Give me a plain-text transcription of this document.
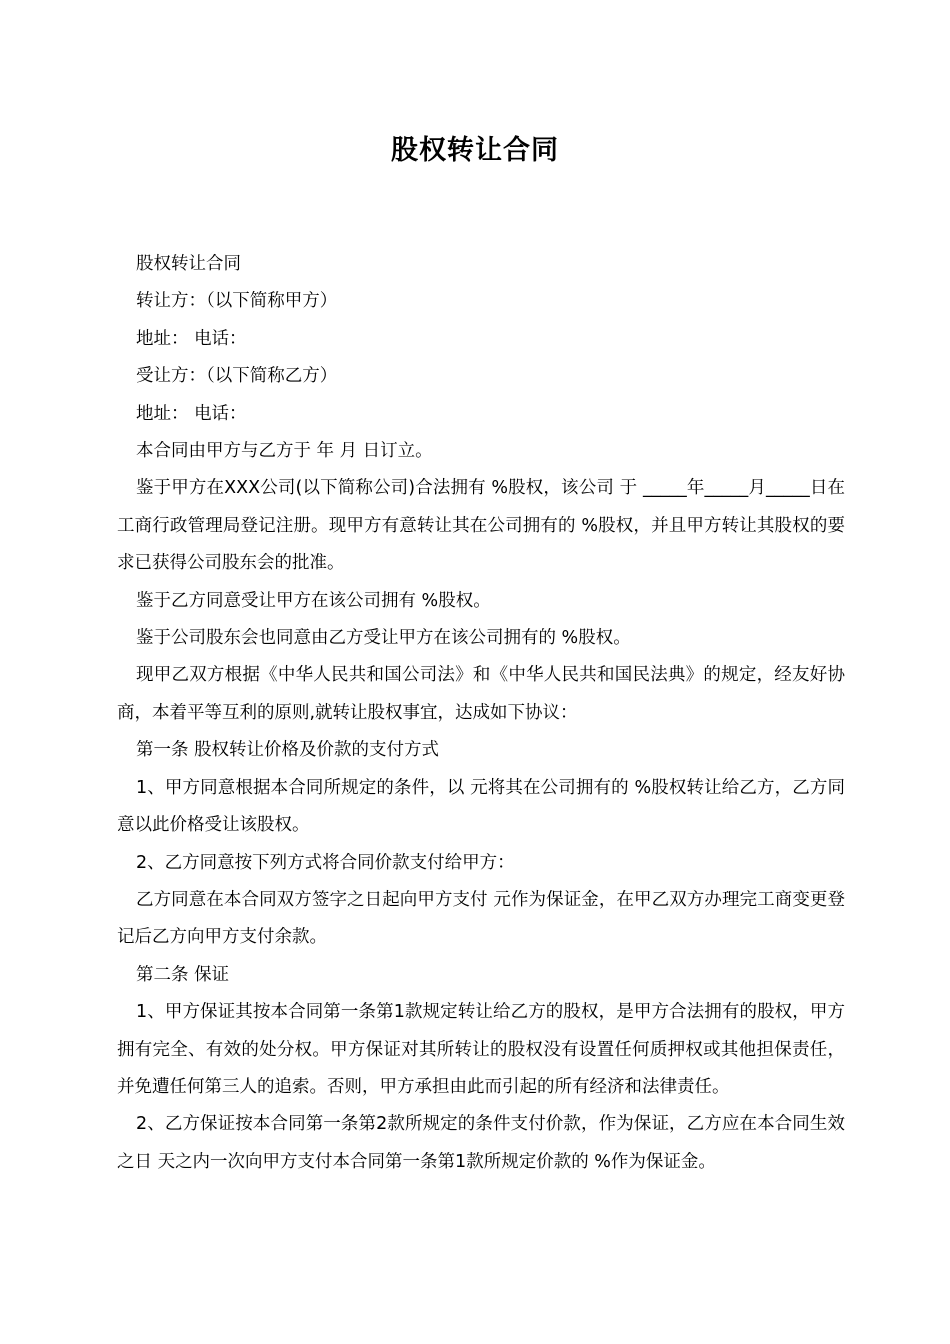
股权转让合同

股权转让合同

转让方：（以下简称甲方）

地址： 电话：

受让方：（以下简称乙方）

地址： 电话：

本合同由甲方与乙方于 年 月 日订立。

鉴于甲方在XXX公司(以下简称公司)合法拥有 %股权，该公司 于 _____年_____月_____日在 工商行政管理局登记注册。现甲方有意转让其在公司拥有的 %股权，并且甲方转让其股权的要求已获得公司股东会的批准。

鉴于乙方同意受让甲方在该公司拥有 %股权。

鉴于公司股东会也同意由乙方受让甲方在该公司拥有的 %股权。

现甲乙双方根据《中华人民共和国公司法》和《中华人民共和国民法典》的规定，经友好协商，本着平等互利的原则,就转让股权事宜，达成如下协议：

第一条 股权转让价格及价款的支付方式

1、甲方同意根据本合同所规定的条件，以 元将其在公司拥有的 %股权转让给乙方，乙方同意以此价格受让该股权。

2、乙方同意按下列方式将合同价款支付给甲方：

乙方同意在本合同双方签字之日起向甲方支付 元作为保证金，在甲乙双方办理完工商变更登记后乙方向甲方支付余款。

第二条 保证

1、甲方保证其按本合同第一条第1款规定转让给乙方的股权，是甲方合法拥有的股权，甲方拥有完全、有效的处分权。甲方保证对其所转让的股权没有设置任何质押权或其他担保责任，并免遭任何第三人的追索。否则，甲方承担由此而引起的所有经济和法律责任。

2、乙方保证按本合同第一条第2款所规定的条件支付价款，作为保证，乙方应在本合同生效之日 天之内一次向甲方支付本合同第一条第1款所规定价款的 %作为保证金。
